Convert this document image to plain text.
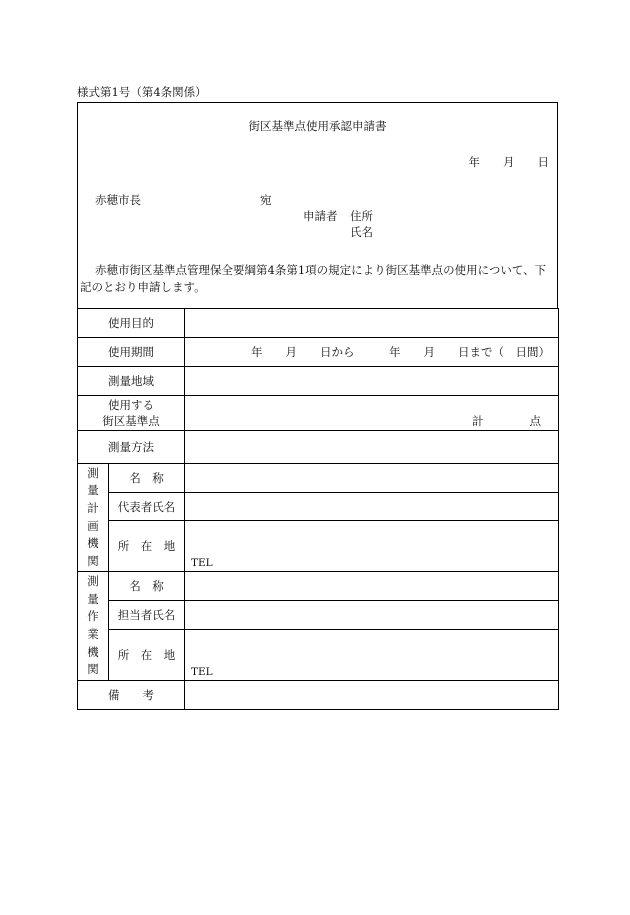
様式第1号（第4条関係）
街区基準点使用承認申請書
年　　月　　日
赤穂市長	宛
申請者 住所
氏名
赤穂市街区基準点管理保全要綱第4条第1項の規定により街区基準点の使用について、下
記のとおり申請します。
使用目的		
使用期間		年　　月　　日から　　　年　　月　　日まで（　日間）
測量地域		

使用する
街区基準点		計　　　　点
測量方法		

測量計画機関	名　称	
	代表者氏名	
	所　在　地	TEL

測量作業機関	名　称	
	担当者氏名	
	所　在　地	TEL
備　　考		
